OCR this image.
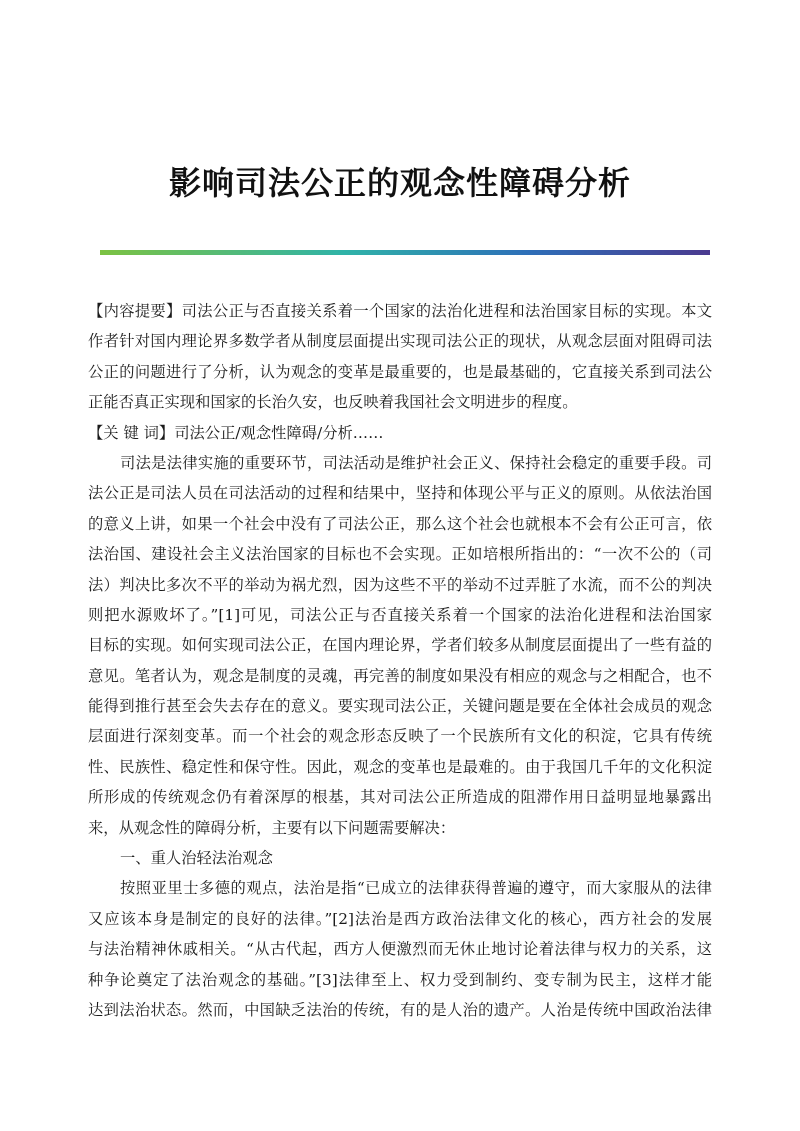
影响司法公正的观念性障碍分析
【内容提要】司法公正与否直接关系着一个国家的法治化进程和法治国家目标的实现。本文
作者针对国内理论界多数学者从制度层面提出实现司法公正的现状，从观念层面对阻碍司法
公正的问题进行了分析，认为观念的变革是最重要的，也是最基础的，它直接关系到司法公
正能否真正实现和国家的长治久安，也反映着我国社会文明进步的程度。
【关 键 词】司法公正/观念性障碍/分析……
司法是法律实施的重要环节，司法活动是维护社会正义、保持社会稳定的重要手段。司
法公正是司法人员在司法活动的过程和结果中，坚持和体现公平与正义的原则。从依法治国
的意义上讲，如果一个社会中没有了司法公正，那么这个社会也就根本不会有公正可言，依
法治国、建设社会主义法治国家的目标也不会实现。正如培根所指出的：“一次不公的（司
法）判决比多次不平的举动为祸尤烈，因为这些不平的举动不过弄脏了水流，而不公的判决
则把水源败坏了。”[1]可见，司法公正与否直接关系着一个国家的法治化进程和法治国家
目标的实现。如何实现司法公正，在国内理论界，学者们较多从制度层面提出了一些有益的
意见。笔者认为，观念是制度的灵魂，再完善的制度如果没有相应的观念与之相配合，也不
能得到推行甚至会失去存在的意义。要实现司法公正，关键问题是要在全体社会成员的观念
层面进行深刻变革。而一个社会的观念形态反映了一个民族所有文化的积淀，它具有传统
性、民族性、稳定性和保守性。因此，观念的变革也是最难的。由于我国几千年的文化积淀
所形成的传统观念仍有着深厚的根基，其对司法公正所造成的阻滞作用日益明显地暴露出
来，从观念性的障碍分析，主要有以下问题需要解决：
一、重人治轻法治观念
按照亚里士多德的观点，法治是指“已成立的法律获得普遍的遵守，而大家服从的法律
又应该本身是制定的良好的法律。”[2]法治是西方政治法律文化的核心，西方社会的发展
与法治精神休戚相关。“从古代起，西方人便激烈而无休止地讨论着法律与权力的关系，这
种争论奠定了法治观念的基础。”[3]法律至上、权力受到制约、变专制为民主，这样才能
达到法治状态。然而，中国缺乏法治的传统，有的是人治的遗产。人治是传统中国政治法律
